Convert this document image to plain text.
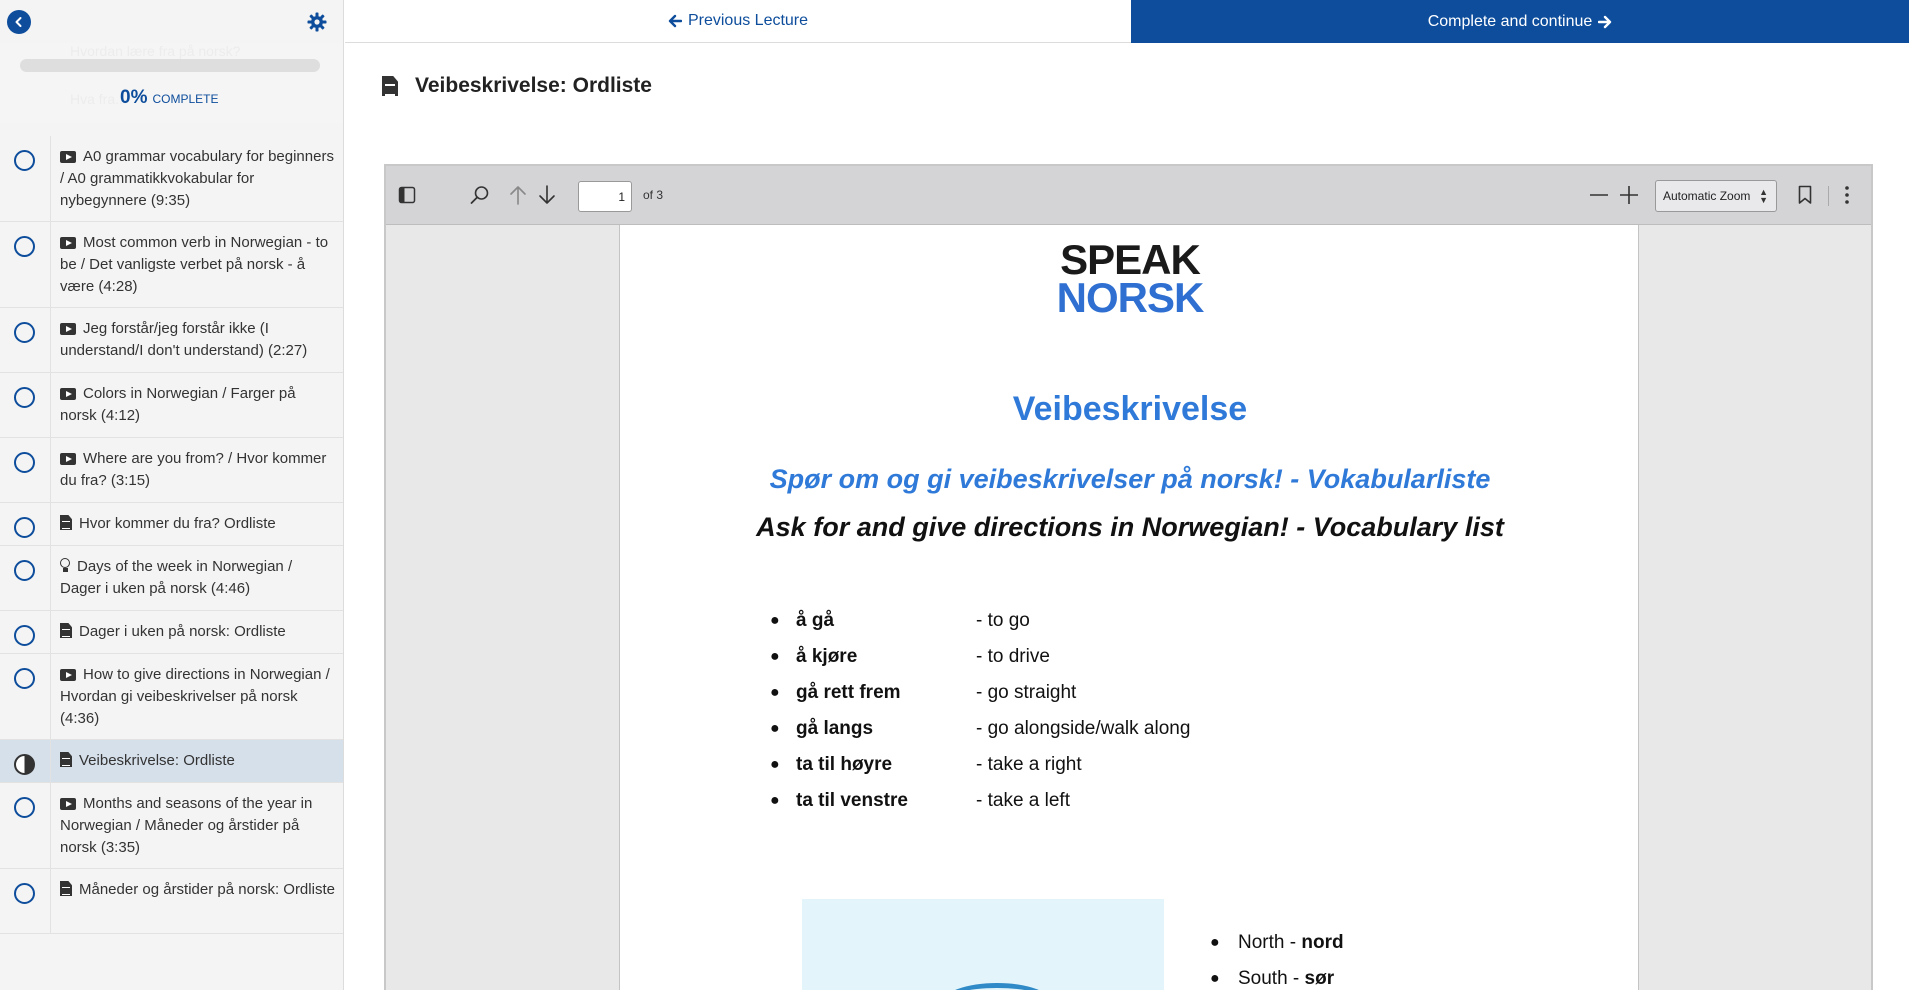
0% COMPLETE
A0 grammar vocabulary for beginners / A0 grammatikkvokabular for nybegynnere (9:35)
Most common verb in Norwegian - to be / Det vanligste verbet på norsk - å være (4:28)
Jeg forstår/jeg forstår ikke (I understand/I don't understand) (2:27)
Colors in Norwegian / Farger på norsk (4:12)
Where are you from? / Hvor kommer du fra? (3:15)
Hvor kommer du fra? Ordliste
Days of the week in Norwegian / Dager i uken på norsk (4:46)
Dager i uken på norsk: Ordliste
How to give directions in Norwegian / Hvordan gi veibeskrivelser på norsk (4:36)
Veibeskrivelse: Ordliste
Months and seasons of the year in Norwegian / Måneder og årstider på norsk (3:35)
Måneder og årstider på norsk: Ordliste
Previous Lecture	Complete and continue
Veibeskrivelse: Ordliste
1
of 3	Automatic Zoom ▲
▼
SPEAK
NORSK
Veibeskrivelse
Spør om og gi veibeskrivelser på norsk! - Vokabularliste
Ask for and give directions in Norwegian! - Vocabulary list
● å gå	- to go
● å kjøre	- to drive
● gå rett frem	- go straight
● gå langs	- go alongside/walk along
● ta til høyre	- take a right
● ta til venstre	- take a left
● North - nord
● South - sør
